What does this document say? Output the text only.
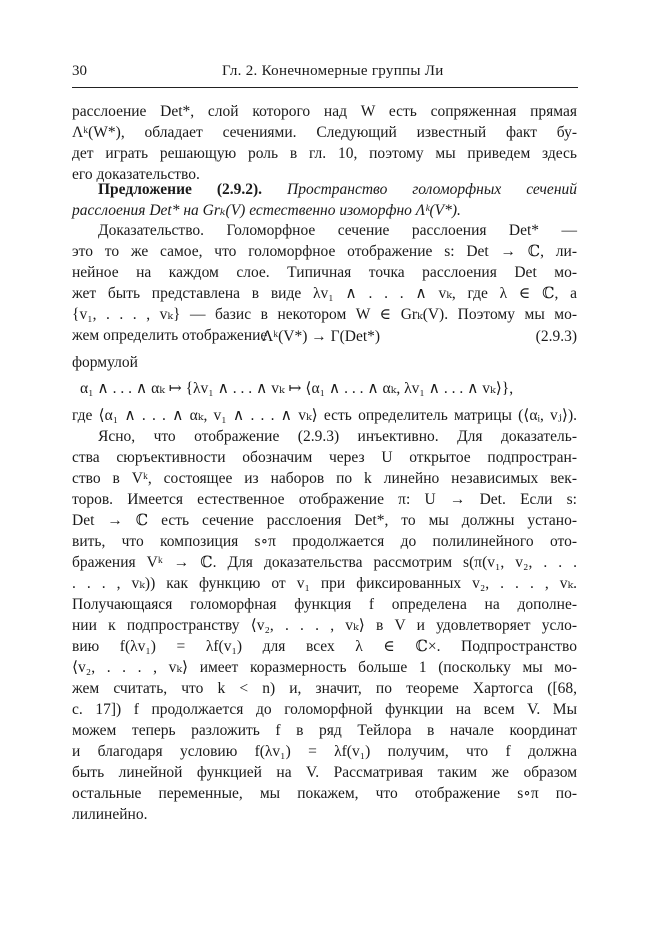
30	Гл. 2. Конечномерные группы Ли
расслоение Det*, слой которого над W есть сопряженная прямая
Λᵏ(W*), обладает сечениями. Следующий известный факт бу-
дет играть решающую роль в гл. 10, поэтому мы приведем здесь
его доказательство.
Предложение (2.9.2). Пространство голоморфных сечений
расслоения Det* на Grₖ(V) естественно изоморфно Λᵏ(V*).
Доказательство. Голоморфное сечение расслоения Det* —
это то же самое, что голоморфное отображение s: Det → ℂ, ли-
нейное на каждом слое. Типичная точка расслоения Det мо-
жет быть представлена в виде λv₁ ∧ . . . ∧ vₖ, где λ ∈ ℂ, а
{v₁, . . . , vₖ} — базис в некотором W ∈ Grₖ(V). Поэтому мы мо-
жем определить отображение
Λᵏ(V*) → Γ(Det*)	(2.9.3)
формулой
α₁ ∧ . . . ∧ αₖ ↦ {λv₁ ∧ . . . ∧ vₖ ↦ ⟨α₁ ∧ . . . ∧ αₖ, λv₁ ∧ . . . ∧ vₖ⟩},
где ⟨α₁ ∧ . . . ∧ αₖ, v₁ ∧ . . . ∧ vₖ⟩ есть определитель матрицы (⟨αᵢ, vⱼ⟩).
Ясно, что отображение (2.9.3) инъективно. Для доказатель-
ства сюръективности обозначим через U открытое подпростран-
ство в Vᵏ, состоящее из наборов по k линейно независимых век-
торов. Имеется естественное отображение π: U → Det. Если s:
Det → ℂ есть сечение расслоения Det*, то мы должны устано-
вить, что композиция s∘π продолжается до полилинейного ото-
бражения Vᵏ → ℂ. Для доказательства рассмотрим s(π(v₁, v₂, . . .
. . . , vₖ)) как функцию от v₁ при фиксированных v₂, . . . , vₖ.
Получающаяся голоморфная функция f определена на дополне-
нии к подпространству ⟨v₂, . . . , vₖ⟩ в V и удовлетворяет усло-
вию f(λv₁) = λf(v₁) для всех λ ∈ ℂ×. Подпространство
⟨v₂, . . . , vₖ⟩ имеет коразмерность больше 1 (поскольку мы мо-
жем считать, что k < n) и, значит, по теореме Хартогса ([68,
с. 17]) f продолжается до голоморфной функции на всем V. Мы
можем теперь разложить f в ряд Тейлора в начале координат
и благодаря условию f(λv₁) = λf(v₁) получим, что f должна
быть линейной функцией на V. Рассматривая таким же образом
остальные переменные, мы покажем, что отображение s∘π по-
лилинейно.
